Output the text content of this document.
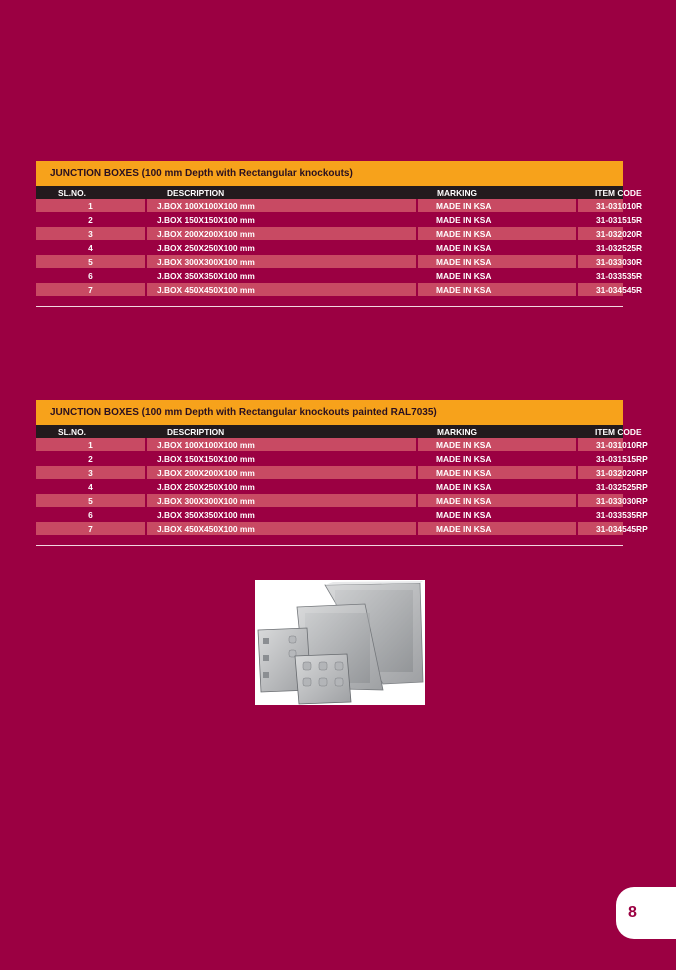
JUNCTION BOXES (100 mm Depth with Rectangular knockouts)
SL.NO.	DESCRIPTION	MARKING	ITEM CODE
1	J.BOX 100X100X100 mm	MADE IN KSA	31-031010R
2	J.BOX 150X150X100 mm	MADE IN KSA	31-031515R
3	J.BOX 200X200X100 mm	MADE IN KSA	31-032020R
4	J.BOX 250X250X100 mm	MADE IN KSA	31-032525R
5	J.BOX 300X300X100 mm	MADE IN KSA	31-033030R
6	J.BOX 350X350X100 mm	MADE IN KSA	31-033535R
7	J.BOX 450X450X100 mm	MADE IN KSA	31-034545R
JUNCTION BOXES (100 mm Depth with Rectangular knockouts painted RAL7035)
SL.NO.	DESCRIPTION	MARKING	ITEM CODE
1	J.BOX 100X100X100 mm	MADE IN KSA	31-031010RP
2	J.BOX 150X150X100 mm	MADE IN KSA	31-031515RP
3	J.BOX 200X200X100 mm	MADE IN KSA	31-032020RP
4	J.BOX 250X250X100 mm	MADE IN KSA	31-032525RP
5	J.BOX 300X300X100 mm	MADE IN KSA	31-033030RP
6	J.BOX 350X350X100 mm	MADE IN KSA	31-033535RP
7	J.BOX 450X450X100 mm	MADE IN KSA	31-034545RP
8
